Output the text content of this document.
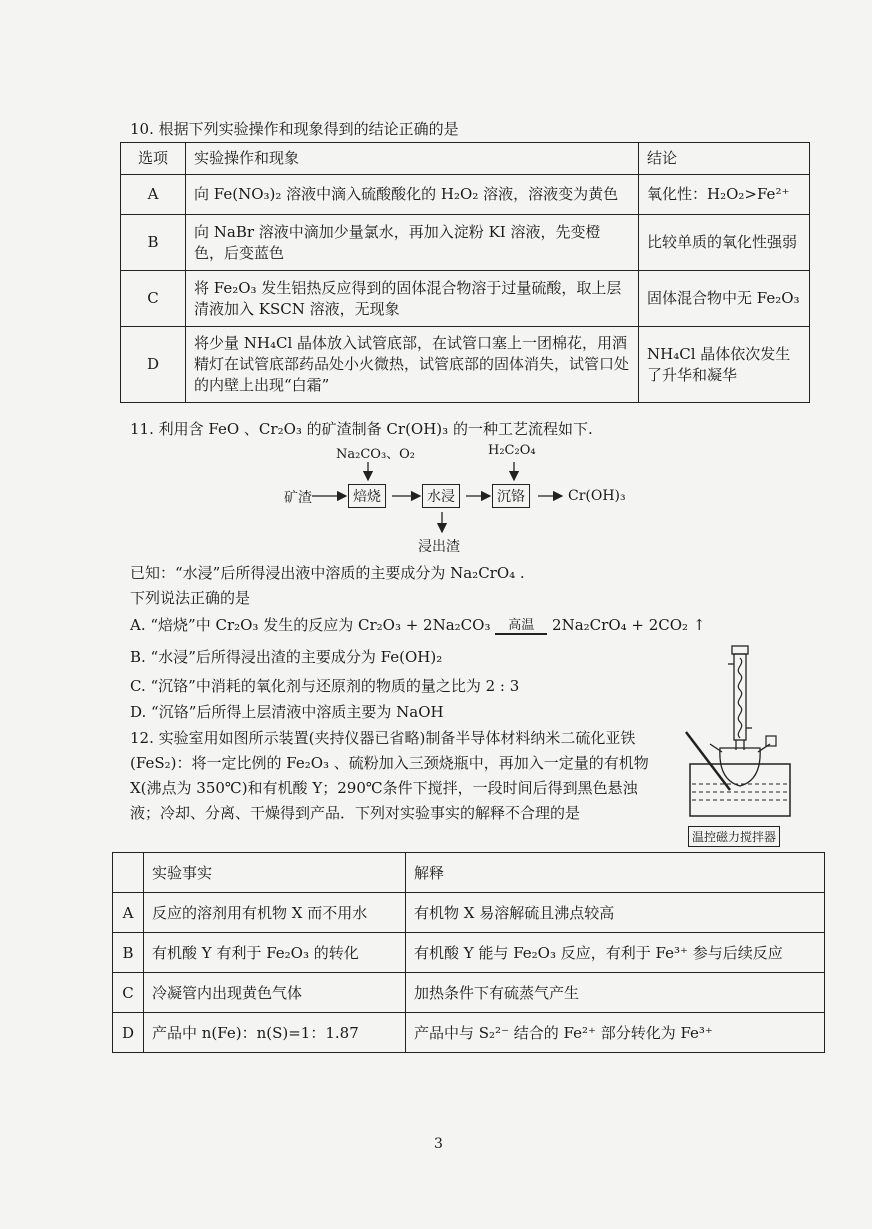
10. 根据下列实验操作和现象得到的结论正确的是
选项	实验操作和现象	结论
A	向 Fe(NO₃)₂ 溶液中滴入硫酸酸化的 H₂O₂ 溶液，溶液变为黄色	氧化性：H₂O₂>Fe²⁺
B	向 NaBr 溶液中滴加少量氯水，再加入淀粉 KI 溶液，先变橙色，后变蓝色	比较单质的氧化性强弱
C	将 Fe₂O₃ 发生铝热反应得到的固体混合物溶于过量硫酸，取上层清液加入 KSCN 溶液，无现象	固体混合物中无 Fe₂O₃
D	将少量 NH₄Cl 晶体放入试管底部，在试管口塞上一团棉花，用酒精灯在试管底部药品处小火微热，试管底部的固体消失，试管口处的内壁上出现“白霜”	NH₄Cl 晶体依次发生了升华和凝华
11. 利用含 FeO 、Cr₂O₃ 的矿渣制备 Cr(OH)₃ 的一种工艺流程如下.
矿渣	焙烧	水浸	沉铬	Cr(OH)₃
Na₂CO₃、O₂	H₂C₂O₄
浸出渣
已知：“水浸”后所得浸出液中溶质的主要成分为 Na₂CrO₄ .
下列说法正确的是
A. “焙烧”中 Cr₂O₃ 发生的反应为 Cr₂O₃ + 2Na₂CO₃	高温	2Na₂CrO₄ + 2CO₂ ↑
B. “水浸”后所得浸出渣的主要成分为 Fe(OH)₂
C. “沉铬”中消耗的氧化剂与还原剂的物质的量之比为 2 : 3
D. “沉铬”后所得上层清液中溶质主要为 NaOH
12. 实验室用如图所示装置(夹持仪器已省略)制备半导体材料纳米二硫化亚铁(FeS₂)：将一定比例的 Fe₂O₃ 、硫粉加入三颈烧瓶中，再加入一定量的有机物 X(沸点为 350℃)和有机酸 Y；290℃条件下搅拌，一段时间后得到黑色悬浊液；冷却、分离、干燥得到产品．下列对实验事实的解释不合理的是
温控磁力搅拌器
	实验事实	解释
A	反应的溶剂用有机物 X 而不用水	有机物 X 易溶解硫且沸点较高
B	有机酸 Y 有利于 Fe₂O₃ 的转化	有机酸 Y 能与 Fe₂O₃ 反应，有利于 Fe³⁺ 参与后续反应
C	冷凝管内出现黄色气体	加热条件下有硫蒸气产生
D	产品中 n(Fe)：n(S)=1：1.87	产品中与 S₂²⁻ 结合的 Fe²⁺ 部分转化为 Fe³⁺
3
